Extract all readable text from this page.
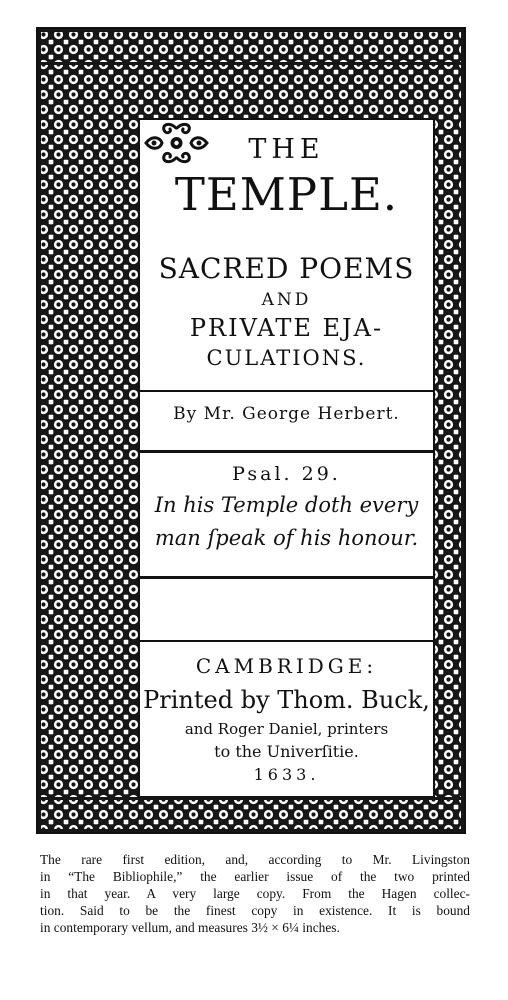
THE
TEMPLE.
SACRED POEMS
AND
PRIVATE EJA-
CULATIONS.
By Mr. George Herbert.
Psal. 29.
In his Temple doth every
man ſpeak of his honour.
CAMBRIDGE:
Printed by Thom. Buck,
and Roger Daniel, printers
to the Univerſitie.
1633.
The rare first edition, and, according to Mr. Livingston
in “The Bibliophile,” the earlier issue of the two printed
in that year. A very large copy. From the Hagen collec-
tion. Said to be the finest copy in existence. It is bound
in contemporary vellum, and measures 3½ × 6¼ inches.
